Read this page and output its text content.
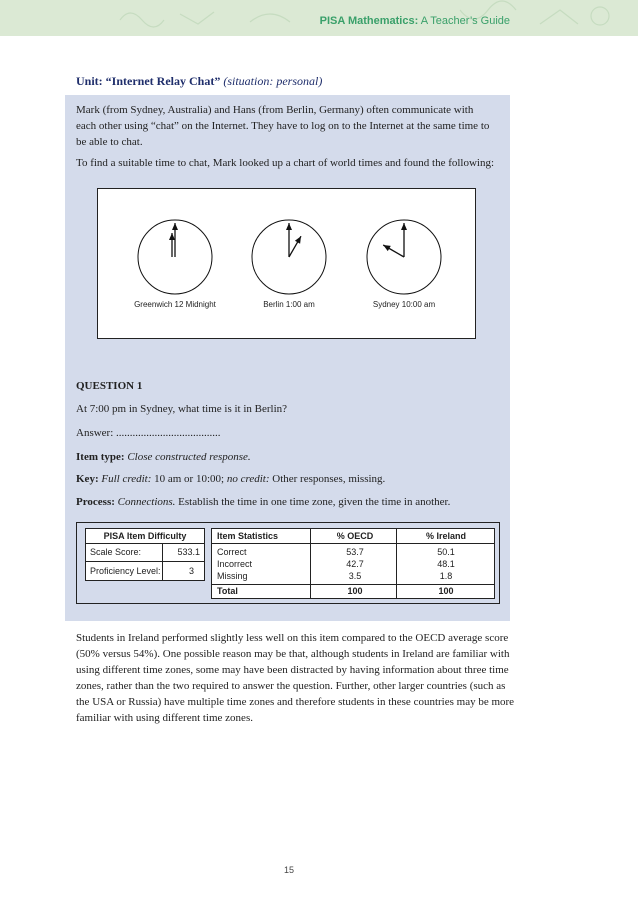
PISA Mathematics: A Teacher’s Guide
Unit: “Internet Relay Chat” (situation: personal)
Mark (from Sydney, Australia) and Hans (from Berlin, Germany) often communicate with each other using “chat” on the Internet. They have to log on to the Internet at the same time to be able to chat.
To find a suitable time to chat, Mark looked up a chart of world times and found the following:
Greenwich 12 Midnight	Berlin 1:00 am	Sydney 10:00 am
QUESTION 1
At 7:00 pm in Sydney, what time is it in Berlin?
Answer: ......................................
Item type: Close constructed response.
Key: Full credit: 10 am or 10:00; no credit: Other responses, missing.
Process: Connections. Establish the time in one time zone, given the time in another.
PISA Item Difficulty
Scale Score:	533.1
Proficiency Level:	3
Item Statistics	% OECD	% Ireland
Correct	53.7	50.1
Incorrect	42.7	48.1
Missing	3.5	1.8
Total	100	100
Students in Ireland performed slightly less well on this item compared to the OECD average score (50% versus 54%). One possible reason may be that, although students in Ireland are familiar with using different time zones, some may have been distracted by having information about three time zones, rather than the two required to answer the question. Further, other larger countries (such as the USA or Russia) have multiple time zones and therefore students in these countries may be more familiar with using different time zones.
15
